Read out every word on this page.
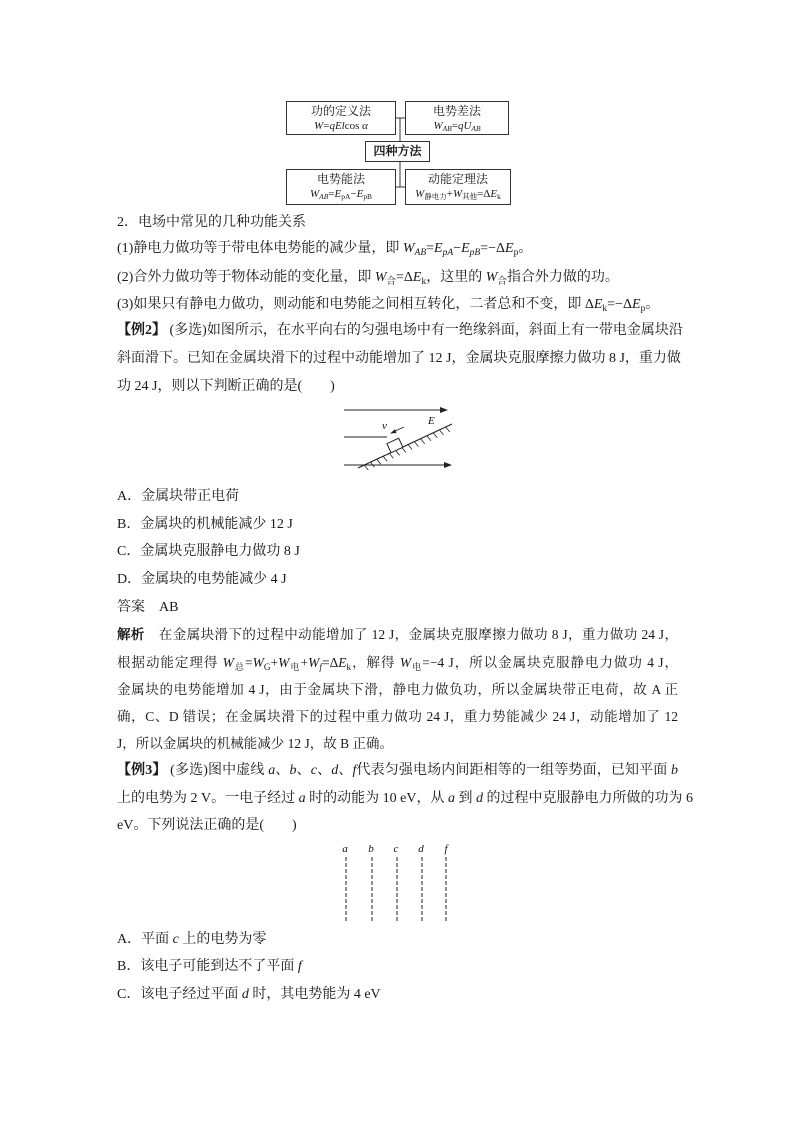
功的定义法
W=qElcos α
电势差法
$W_{AB}=qU_{AB}$
四种方法
电势能法
$W_{AB}=E_{pA}-E_{pB}$
动能定理法
$W_{静电力}+W_{其他}=\Delta E_k$
2．电场中常见的几种功能关系
(1)静电力做功等于带电体电势能的减少量，即 $W_{AB}=E_{pA}-E_{pB}=-\Delta E_p$。
(2)合外力做功等于物体动能的变化量，即 $W_合=\Delta E_k$，这里的 $W_合$指合外力做的功。
(3)如果只有静电力做功，则动能和电势能之间相互转化，二者总和不变，即 $\Delta E_k=-\Delta E_p$。
【例2】 (多选)如图所示，在水平向右的匀强电场中有一绝缘斜面，斜面上有一带电金属块沿
斜面滑下。已知在金属块滑下的过程中动能增加了 12 J，金属块克服摩擦力做功 8 J，重力做
功 24 J，则以下判断正确的是(　　)
E
v
A．金属块带正电荷
B．金属块的机械能减少 12 J
C．金属块克服静电力做功 8 J
D．金属块的电势能减少 4 J
答案　AB
解析　在金属块滑下的过程中动能增加了 12 J，金属块克服摩擦力做功 8 J，重力做功 24 J，
根据动能定理得 $W_总=W_G+W_电+W_f=\Delta E_k$，解得 $W_电=-4$ J，所以金属块克服静电力做功 4 J，
金属块的电势能增加 4 J，由于金属块下滑，静电力做负功，所以金属块带正电荷，故 A 正
确，C、D 错误；在金属块滑下的过程中重力做功 24 J，重力势能减少 24 J，动能增加了 12
J，所以金属块的机械能减少 12 J，故 B 正确。
【例3】 (多选)图中虚线 a、b、c、d、f代表匀强电场内间距相等的一组等势面，已知平面 b
上的电势为 2 V。一电子经过 a 时的动能为 10 eV，从 a 到 d 的过程中克服静电力所做的功为 6
eV。下列说法正确的是(　　)
a b c d f
A．平面 c 上的电势为零
B．该电子可能到达不了平面 f
C．该电子经过平面 d 时，其电势能为 4 eV
